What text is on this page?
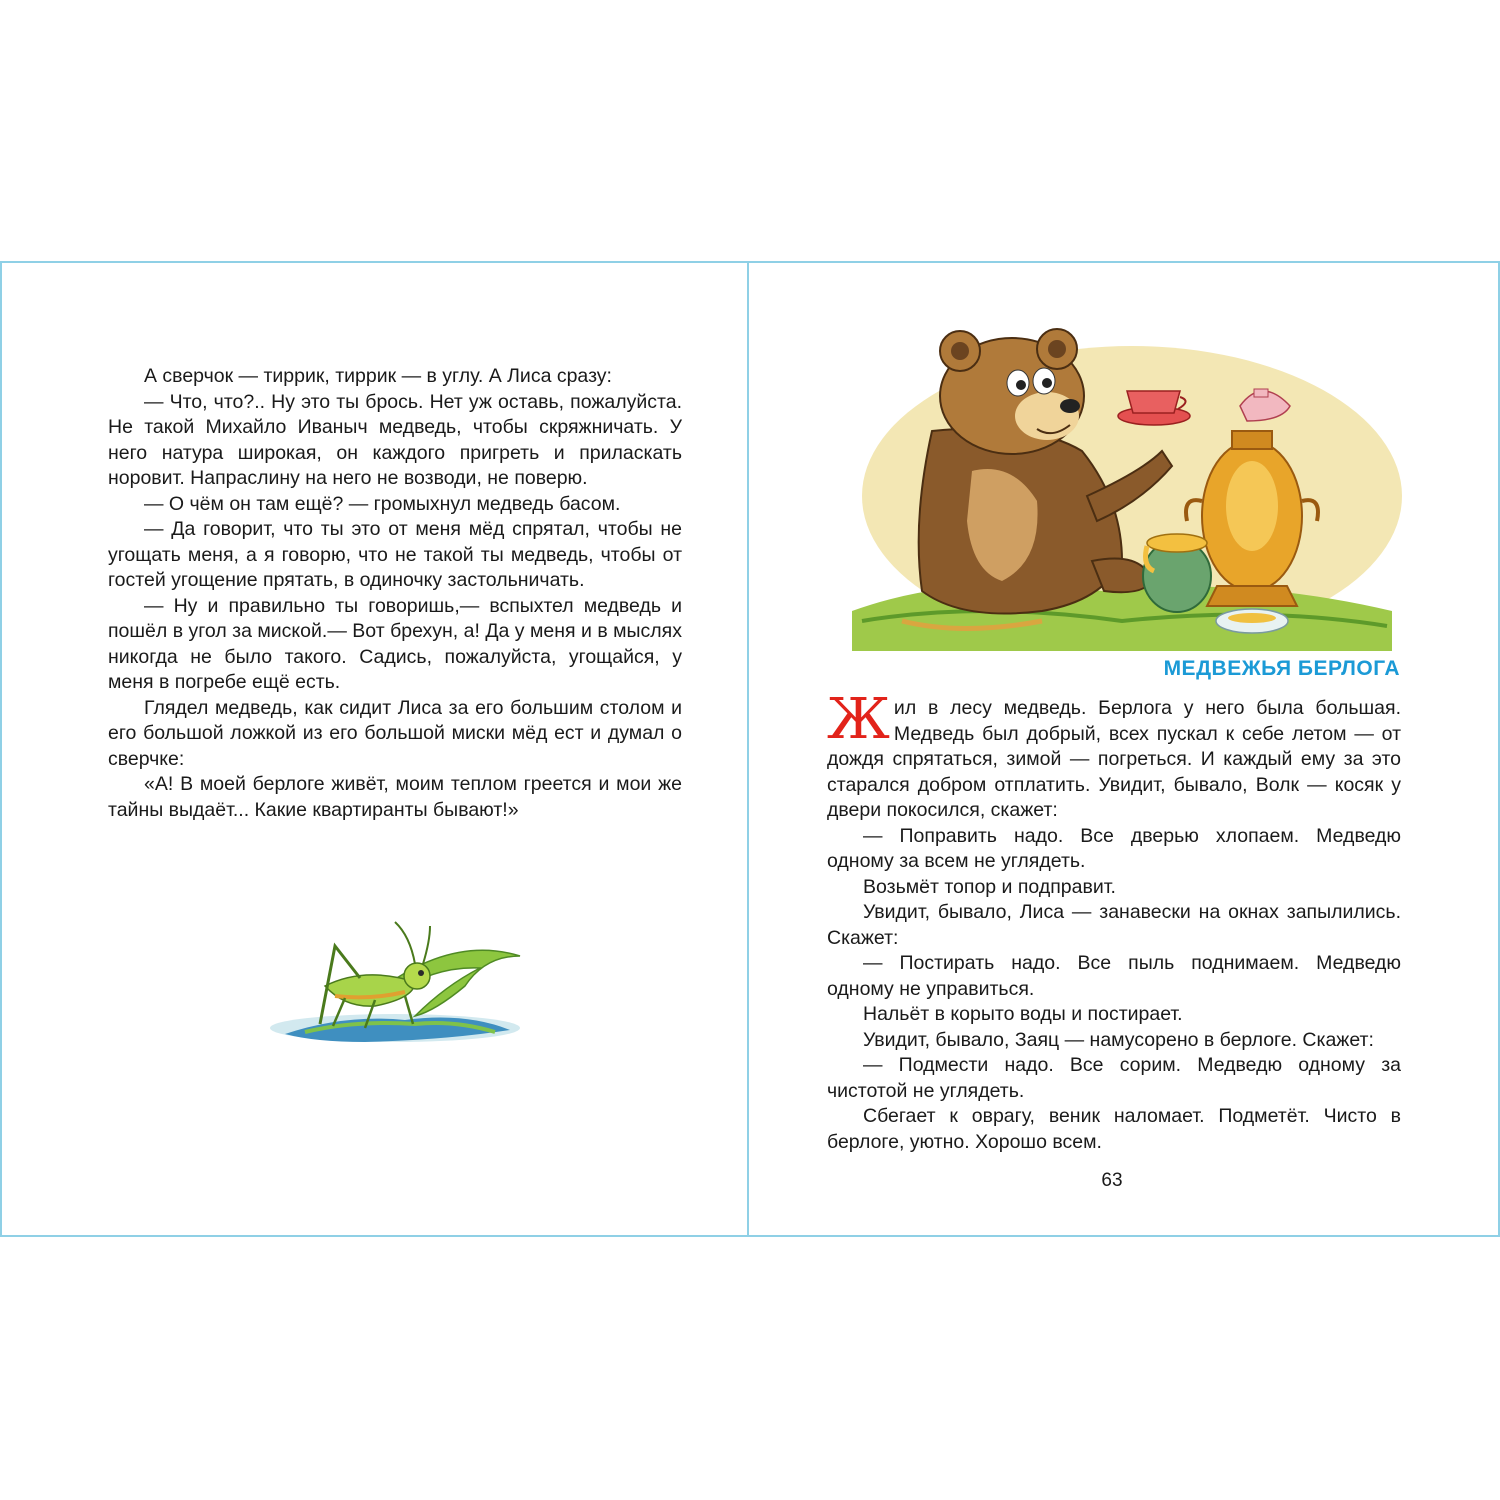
А сверчок — тиррик, тиррик — в углу. А Лиса сразу:

— Что, что?.. Ну это ты брось. Нет уж оставь, пожалуйста. Не такой Михайло Иваныч медведь, чтобы скряжничать. У него натура широкая, он каждого пригреть и приласкать норовит. Напраслину на него не возводи, не поверю.

— О чём он там ещё? — громыхнул медведь басом.

— Да говорит, что ты это от меня мёд спрятал, чтобы не угощать меня, а я говорю, что не такой ты медведь, чтобы от гостей угощение прятать, в одиночку застольничать.

— Ну и правильно ты говоришь,— вспыхтел медведь и пошёл в угол за миской.— Вот брехун, а! Да у меня и в мыслях никогда не было такого. Садись, пожалуйста, угощайся, у меня в погребе ещё есть.

Глядел медведь, как сидит Лиса за его большим столом и его большой ложкой из его большой миски мёд ест и думал о сверчке:

«А! В моей берлоге живёт, моим теплом греется и мои же тайны выдаёт... Какие квартиранты бывают!»

МЕДВЕЖЬЯ БЕРЛОГА

Жил в лесу медведь. Берлога у него была большая. Медведь был добрый, всех пускал к себе летом — от дождя спрятаться, зимой — погреться. И каждый ему за это старался добром отплатить. Увидит, бывало, Волк — косяк у двери покосился, скажет:

— Поправить надо. Все дверью хлопаем. Медведю одному за всем не углядеть.

Возьмёт топор и подправит.

Увидит, бывало, Лиса — занавески на окнах запылились. Скажет:

— Постирать надо. Все пыль поднимаем. Медведю одному не управиться.

Нальёт в корыто воды и постирает.

Увидит, бывало, Заяц — намусорено в берлоге. Скажет:

— Подмести надо. Все сорим. Медведю одному за чистотой не углядеть.

Сбегает к оврагу, веник наломает. Подметёт. Чисто в берлоге, уютно. Хорошо всем.

63
